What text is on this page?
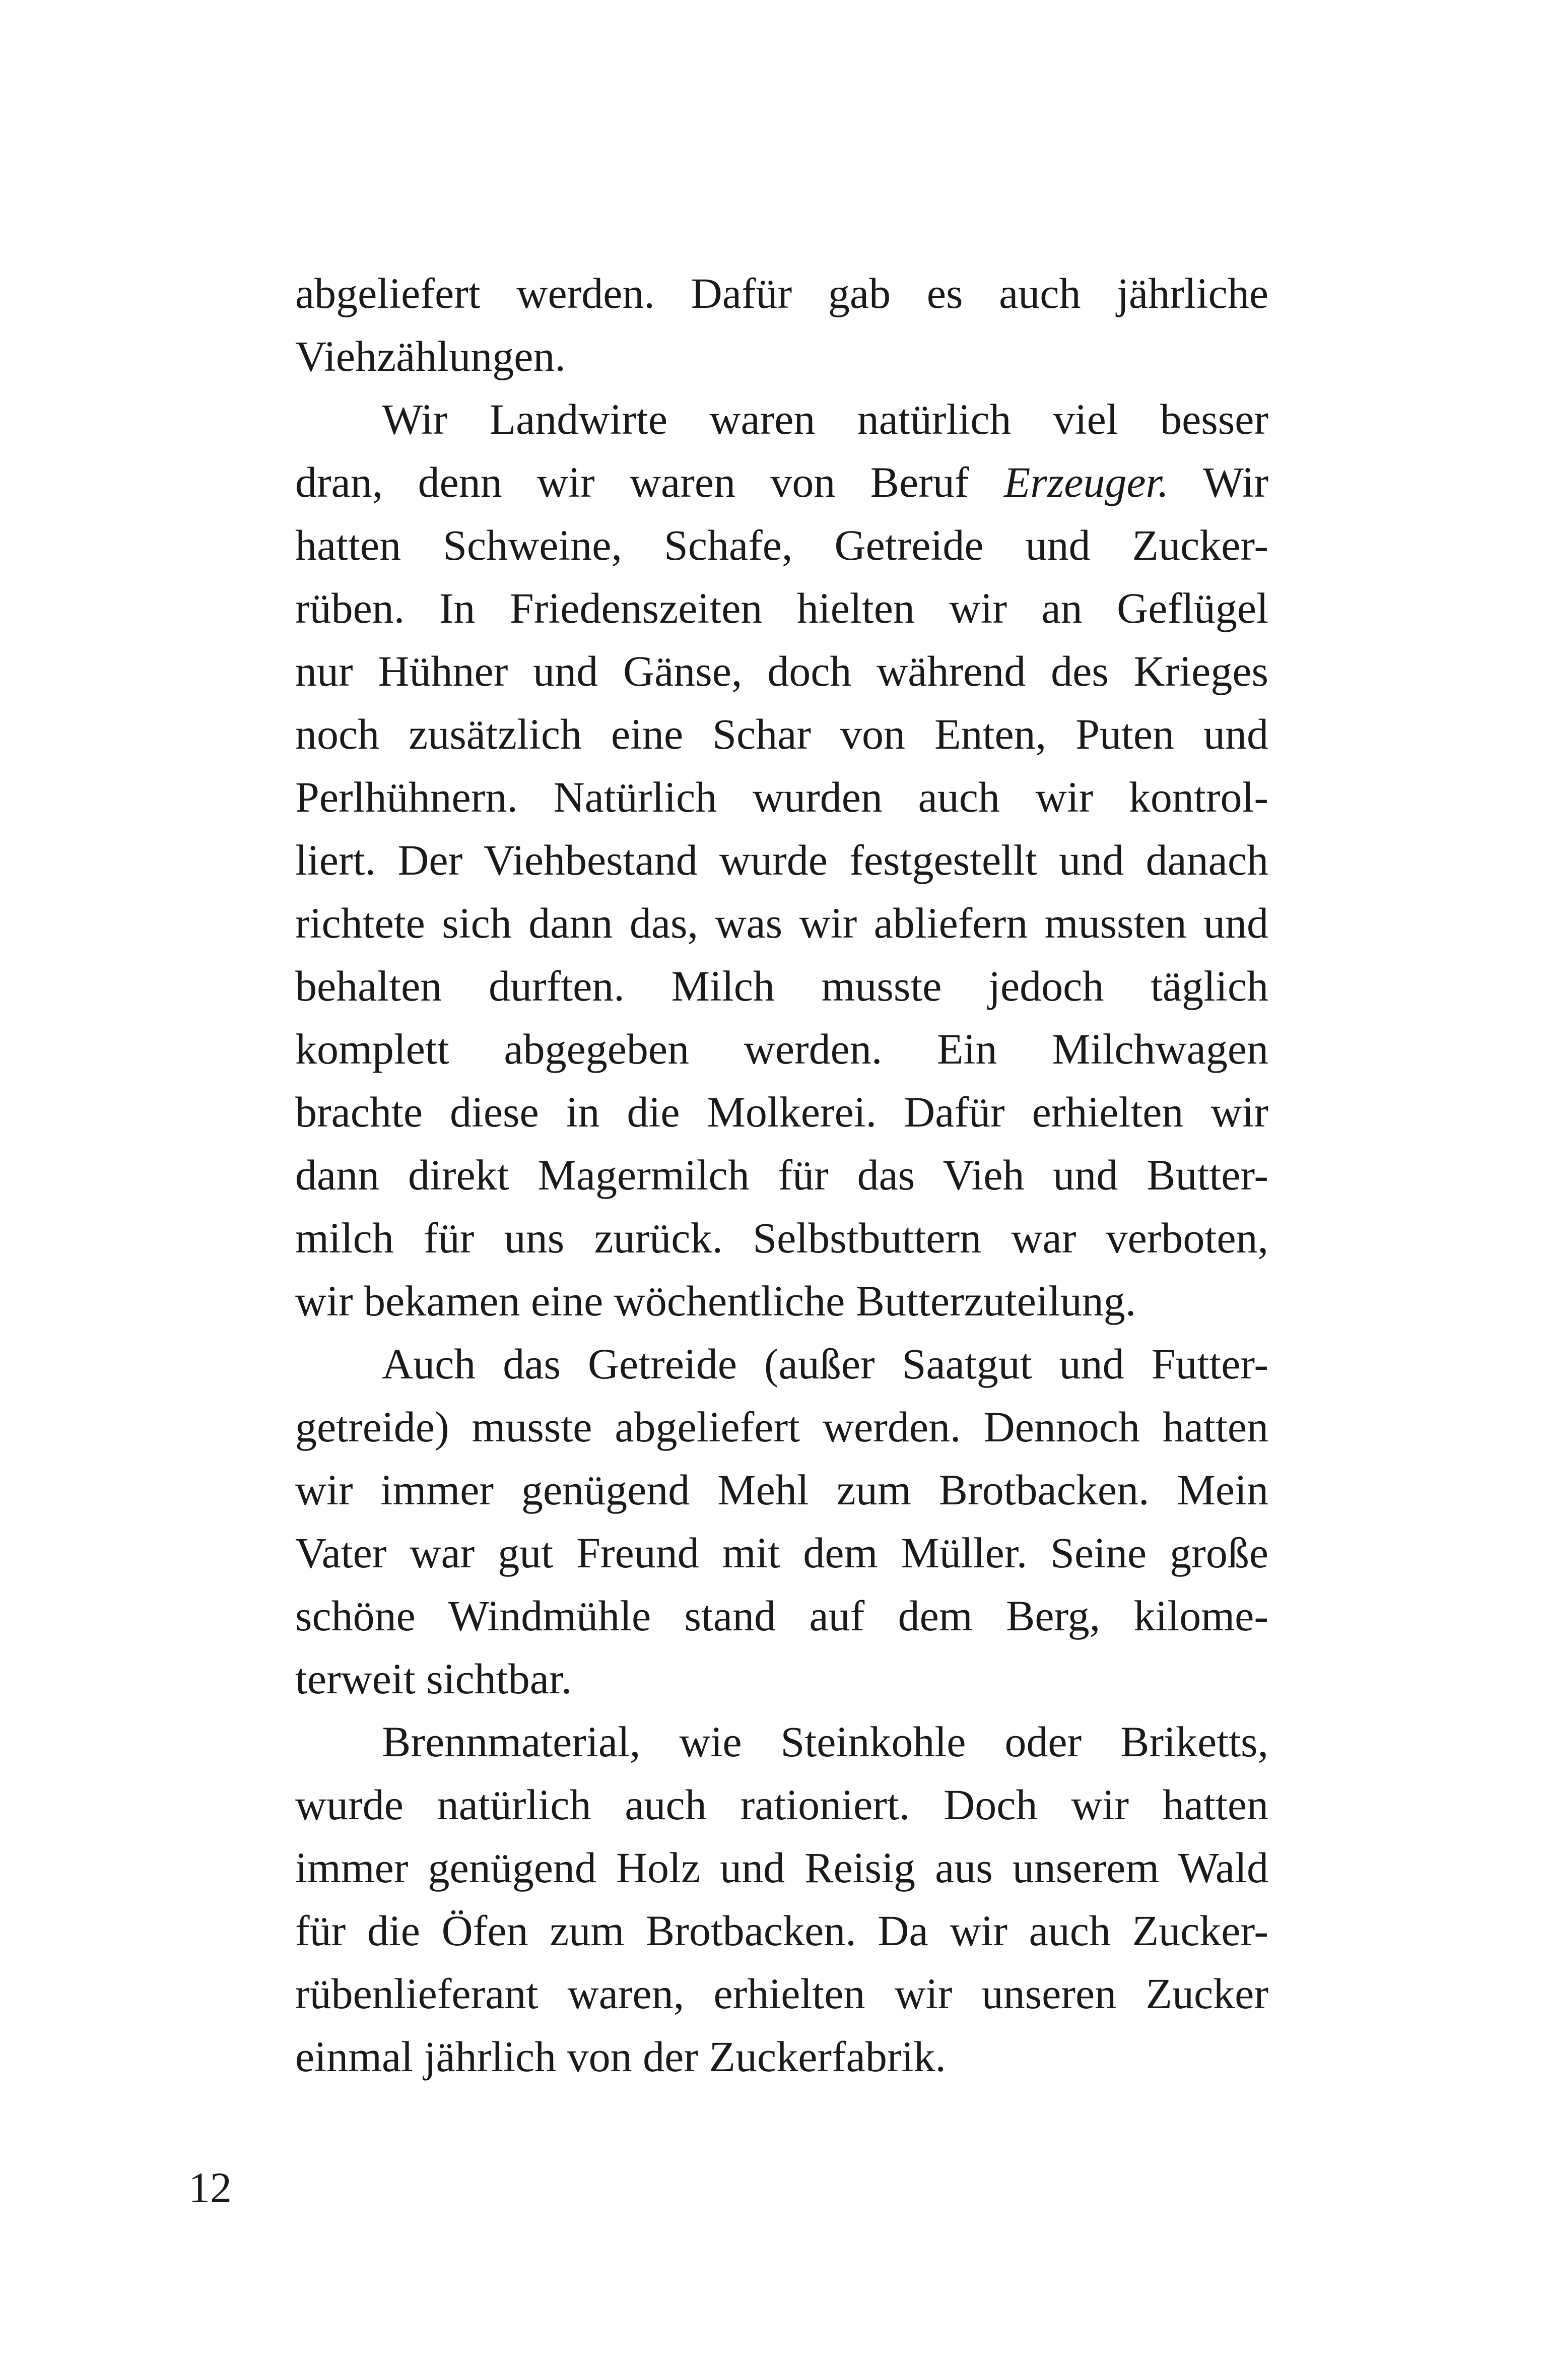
abgeliefert werden. Dafür gab es auch jährliche
Viehzählungen.
Wir Landwirte waren natürlich viel besser
dran, denn wir waren von Beruf Erzeuger. Wir
hatten Schweine, Schafe, Getreide und Zucker-
rüben. In Friedenszeiten hielten wir an Geflügel
nur Hühner und Gänse, doch während des Krieges
noch zusätzlich eine Schar von Enten, Puten und
Perlhühnern. Natürlich wurden auch wir kontrol-
liert. Der Viehbestand wurde festgestellt und danach
richtete sich dann das, was wir abliefern mussten und
behalten durften. Milch musste jedoch täglich
komplett abgegeben werden. Ein Milchwagen
brachte diese in die Molkerei. Dafür erhielten wir
dann direkt Magermilch für das Vieh und Butter-
milch für uns zurück. Selbstbuttern war verboten,
wir bekamen eine wöchentliche Butterzuteilung.
Auch das Getreide (außer Saatgut und Futter-
getreide) musste abgeliefert werden. Dennoch hatten
wir immer genügend Mehl zum Brotbacken. Mein
Vater war gut Freund mit dem Müller. Seine große
schöne Windmühle stand auf dem Berg, kilome-
terweit sichtbar.
Brennmaterial, wie Steinkohle oder Briketts,
wurde natürlich auch rationiert. Doch wir hatten
immer genügend Holz und Reisig aus unserem Wald
für die Öfen zum Brotbacken. Da wir auch Zucker-
rübenlieferant waren, erhielten wir unseren Zucker
einmal jährlich von der Zuckerfabrik.
12
